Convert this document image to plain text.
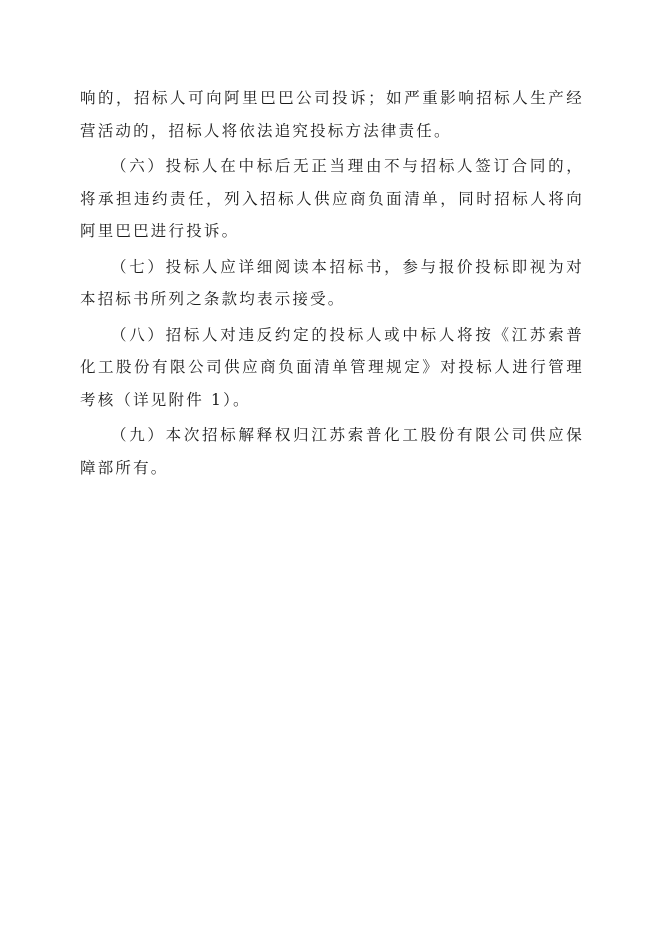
响的，招标人可向阿里巴巴公司投诉；如严重影响招标人生产经营活动的，招标人将依法追究投标方法律责任。

（六）投标人在中标后无正当理由不与招标人签订合同的，将承担违约责任，列入招标人供应商负面清单，同时招标人将向阿里巴巴进行投诉。

（七）投标人应详细阅读本招标书，参与报价投标即视为对本招标书所列之条款均表示接受。

（八）招标人对违反约定的投标人或中标人将按《江苏索普化工股份有限公司供应商负面清单管理规定》对投标人进行管理考核（详见附件 1）。

（九）本次招标解释权归江苏索普化工股份有限公司供应保障部所有。
